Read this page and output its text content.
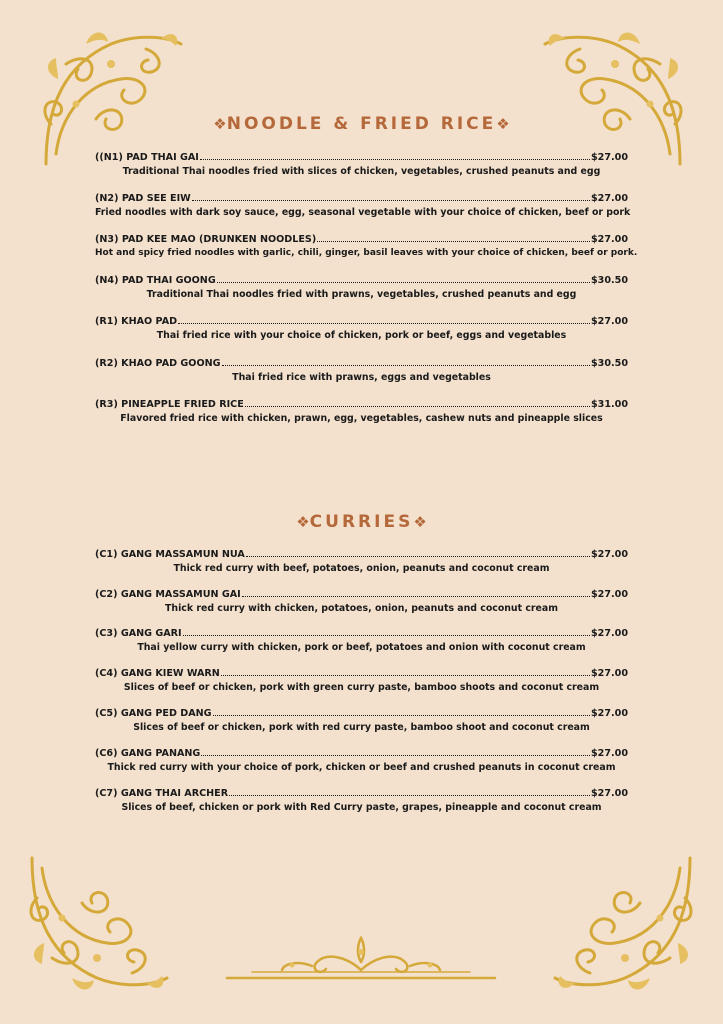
❖NOODLE & FRIED RICE❖
((N1) PAD THAI GAI	$27.00
Traditional Thai noodles fried with slices of chicken, vegetables, crushed peanuts and egg
(N2) PAD SEE EIW	$27.00
Fried noodles with dark soy sauce, egg, seasonal vegetable with your choice of chicken, beef or pork
(N3) PAD KEE MAO (DRUNKEN NOODLES)	$27.00
Hot and spicy fried noodles with garlic, chili, ginger, basil leaves with your choice of chicken, beef or pork.
(N4) PAD THAI GOONG	$30.50
Traditional Thai noodles fried with prawns, vegetables, crushed peanuts and egg
(R1) KHAO PAD	$27.00
Thai fried rice with your choice of chicken, pork or beef, eggs and vegetables
(R2) KHAO PAD GOONG	$30.50
Thai fried rice with prawns, eggs and vegetables
(R3) PINEAPPLE FRIED RICE	$31.00
Flavored fried rice with chicken, prawn, egg, vegetables, cashew nuts and pineapple slices
❖CURRIES❖
(C1) GANG MASSAMUN NUA	$27.00
Thick red curry with beef, potatoes, onion, peanuts and coconut cream
(C2) GANG MASSAMUN GAI	$27.00
Thick red curry with chicken, potatoes, onion, peanuts and coconut cream
(C3) GANG GARI	$27.00
Thai yellow curry with chicken, pork or beef, potatoes and onion with coconut cream
(C4) GANG KIEW WARN	$27.00
Slices of beef or chicken, pork with green curry paste, bamboo shoots and coconut cream
(C5) GANG PED DANG	$27.00
Slices of beef or chicken, pork with red curry paste, bamboo shoot and coconut cream
(C6) GANG PANANG	$27.00
Thick red curry with your choice of pork, chicken or beef and crushed peanuts in coconut cream
(C7) GANG THAI ARCHER	$27.00
Slices of beef, chicken or pork with Red Curry paste, grapes, pineapple and coconut cream
